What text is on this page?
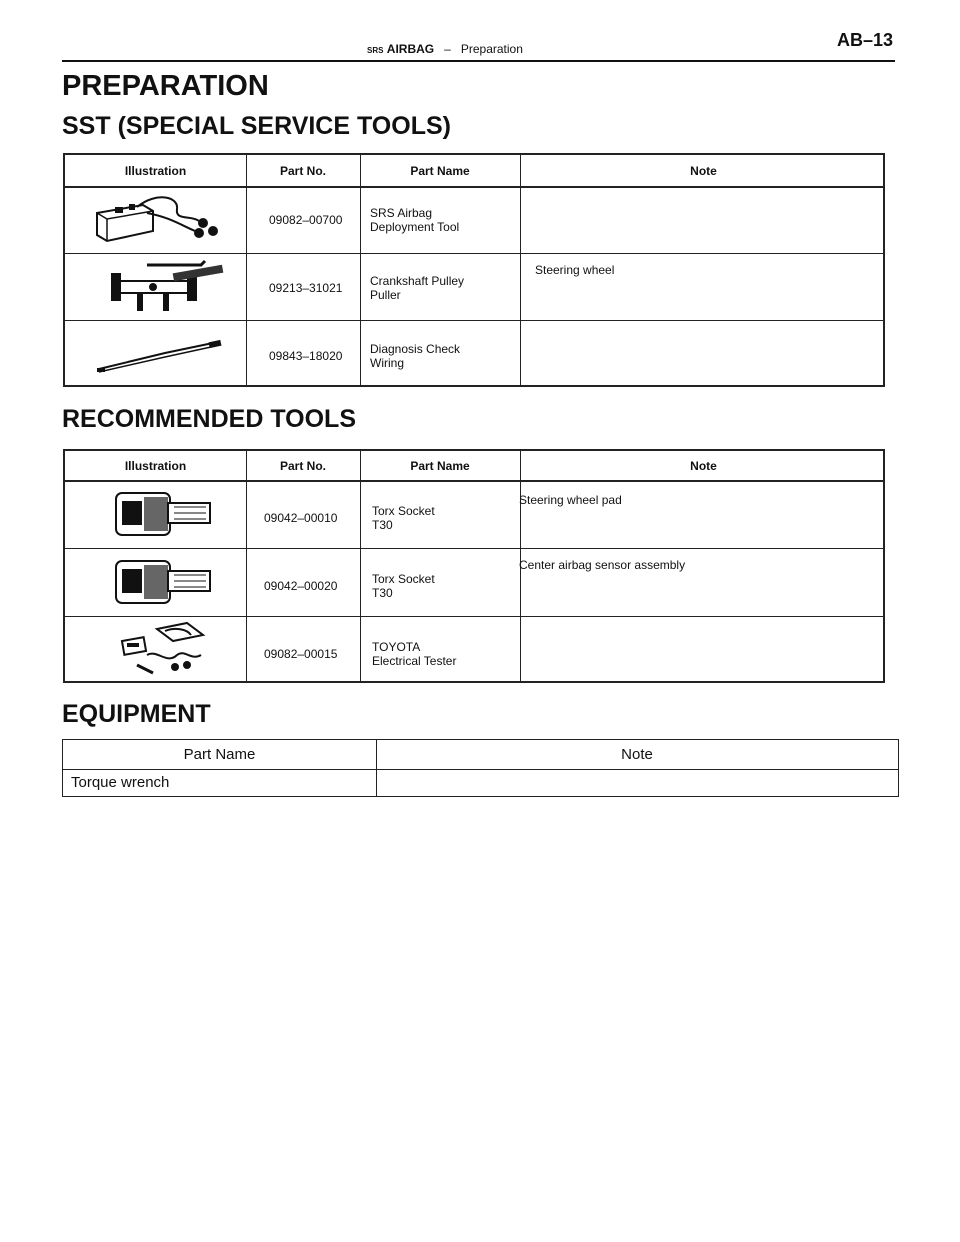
SRS AIRBAG – Preparation	AB–13
PREPARATION
SST (SPECIAL SERVICE TOOLS)
Illustration	Part No.	Part Name	Note
09082–00700 SRS Airbag
Deployment Tool
09213–31021 Crankshaft Pulley
Puller
Steering wheel
09843–18020 Diagnosis Check
Wiring
RECOMMENDED TOOLS
Illustration	Part No.	Part Name	Note
09042–00010	Torx Socket
T30
Steering wheel pad
09042–00020	Torx Socket
T30
Center airbag sensor assembly
09082–00015	TOYOTA
Electrical Tester
EQUIPMENT
Part Name	Note
Torque wrench
